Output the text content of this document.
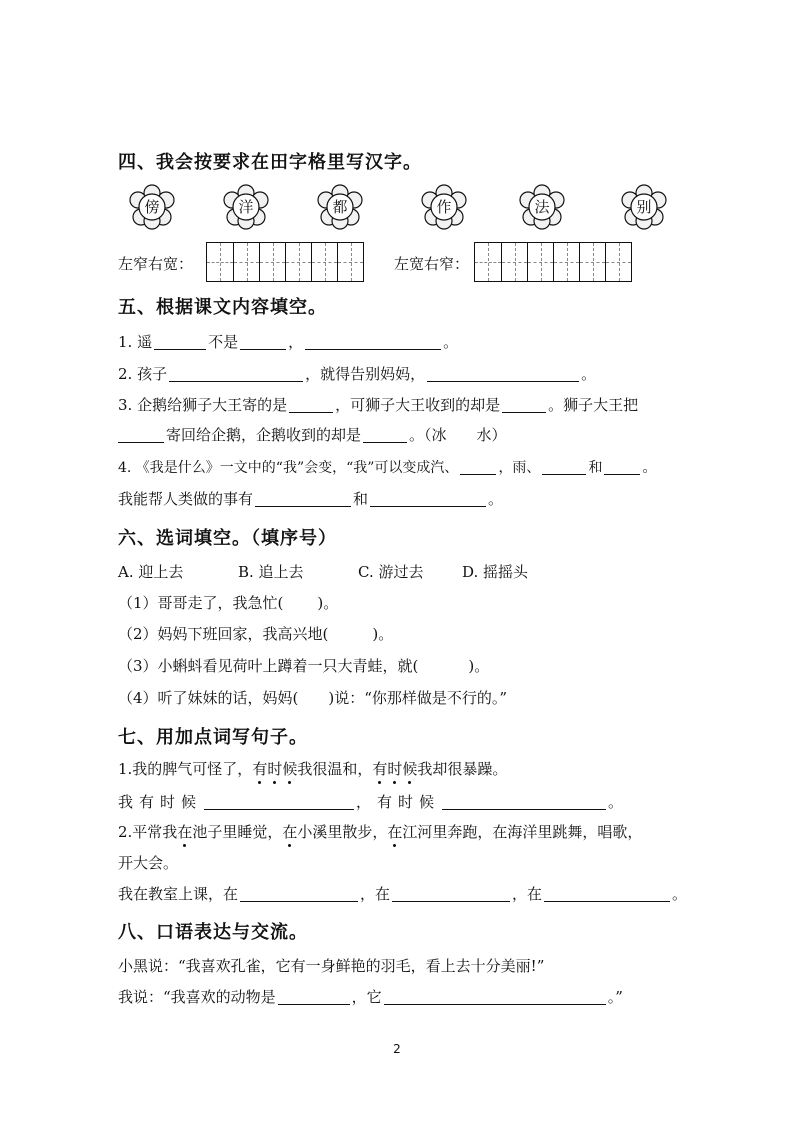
四、我会按要求在田字格里写汉字。
傍	洋	都	作	法	别
左窄右宽：	左宽右窄：
五、根据课文内容填空。
1. 遥	不是	，	。
2. 孩子	，就得告别妈妈，	。
3. 企鹅给狮子大王寄的是	，可狮子大王收到的却是	。狮子大王把
寄回给企鹅，企鹅收到的却是	。（冰　　水）
4. 《我是什么》一文中的“我”会变，“我”可以变成汽、	，雨、	和	。
我能帮人类做的事有	和	。
六、选词填空。（填序号）
A. 迎上去	B. 追上去	C. 游过去	D. 摇摇头
（1）哥哥走了，我急忙( )。
（2）妈妈下班回家，我高兴地(	)。
（3）小蝌蚪看见荷叶上蹲着一只大青蛙，就(	)。
（4）听了妹妹的话，妈妈( )说：“你那样做是不行的。”
七、用加点词写句子。
1.我的脾气可怪了，有时候我很温和，有时候我却很暴躁。
我有时候	，有时候	。
2.平常我在池子里睡觉，在小溪里散步，在江河里奔跑，在海洋里跳舞，唱歌，
开大会。
我在教室上课，在	，在	，在	。
八、口语表达与交流。
小黑说：“我喜欢孔雀，它有一身鲜艳的羽毛，看上去十分美丽!”
我说：“我喜欢的动物是	，它	。”
2
